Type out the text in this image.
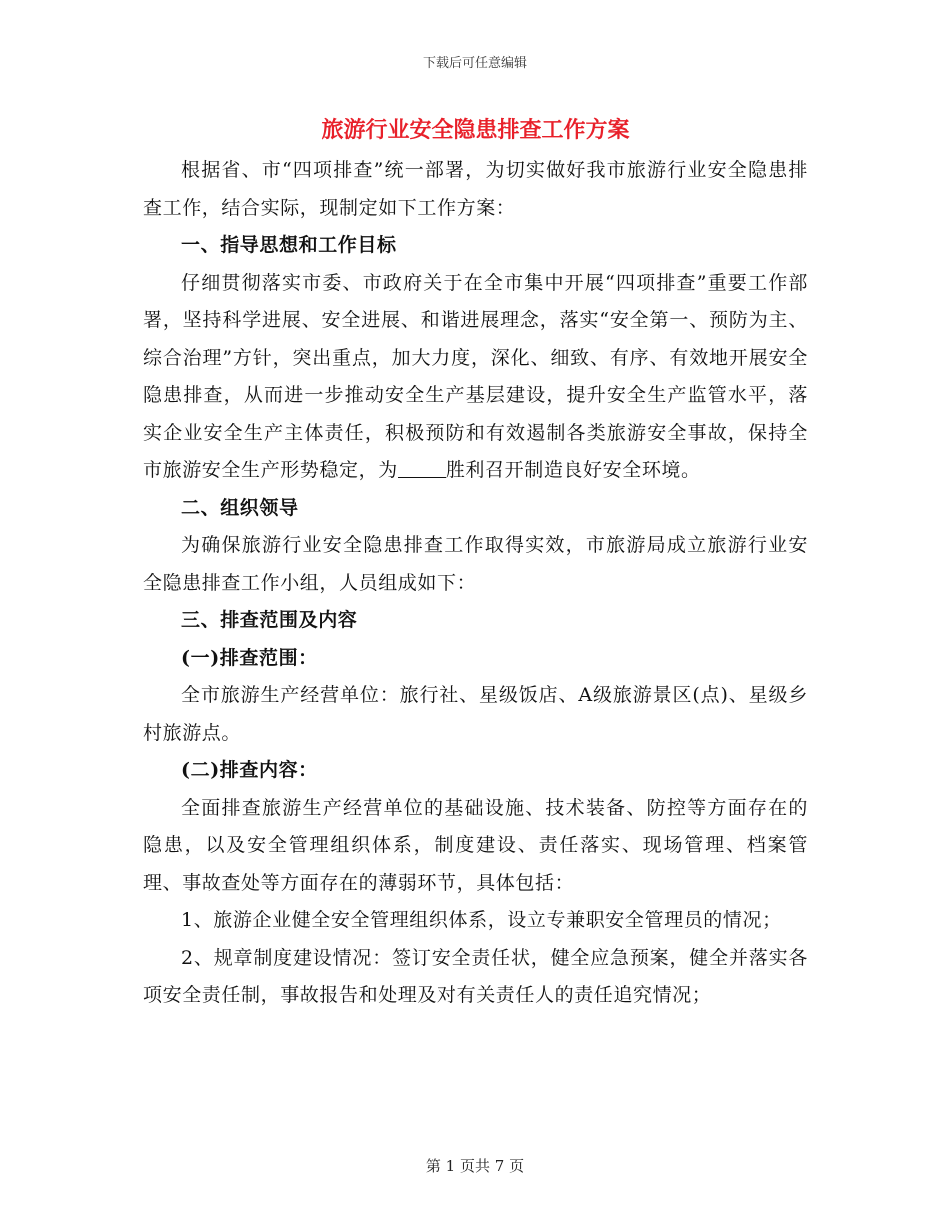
下载后可任意编辑
旅游行业安全隐患排查工作方案

根据省、市“四项排查”统一部署，为切实做好我市旅游行业安全隐患排查工作，结合实际，现制定如下工作方案：

一、指导思想和工作目标

仔细贯彻落实市委、市政府关于在全市集中开展“四项排查”重要工作部署，坚持科学进展、安全进展、和谐进展理念，落实“安全第一、预防为主、综合治理”方针，突出重点，加大力度，深化、细致、有序、有效地开展安全隐患排查，从而进一步推动安全生产基层建设，提升安全生产监管水平，落实企业安全生产主体责任，积极预防和有效遏制各类旅游安全事故，保持全市旅游安全生产形势稳定，为	胜利召开制造良好安全环境。

二、组织领导

为确保旅游行业安全隐患排查工作取得实效，市旅游局成立旅游行业安全隐患排查工作小组，人员组成如下：

三、排查范围及内容

(一)排查范围：

全市旅游生产经营单位：旅行社、星级饭店、A级旅游景区(点)、星级乡村旅游点。

(二)排查内容：

全面排查旅游生产经营单位的基础设施、技术装备、防控等方面存在的隐患，以及安全管理组织体系，制度建设、责任落实、现场管理、档案管理、事故查处等方面存在的薄弱环节，具体包括：

1、旅游企业健全安全管理组织体系，设立专兼职安全管理员的情况；

2、规章制度建设情况：签订安全责任状，健全应急预案，健全并落实各项安全责任制，事故报告和处理及对有关责任人的责任追究情况；

第 1 页共 7 页
